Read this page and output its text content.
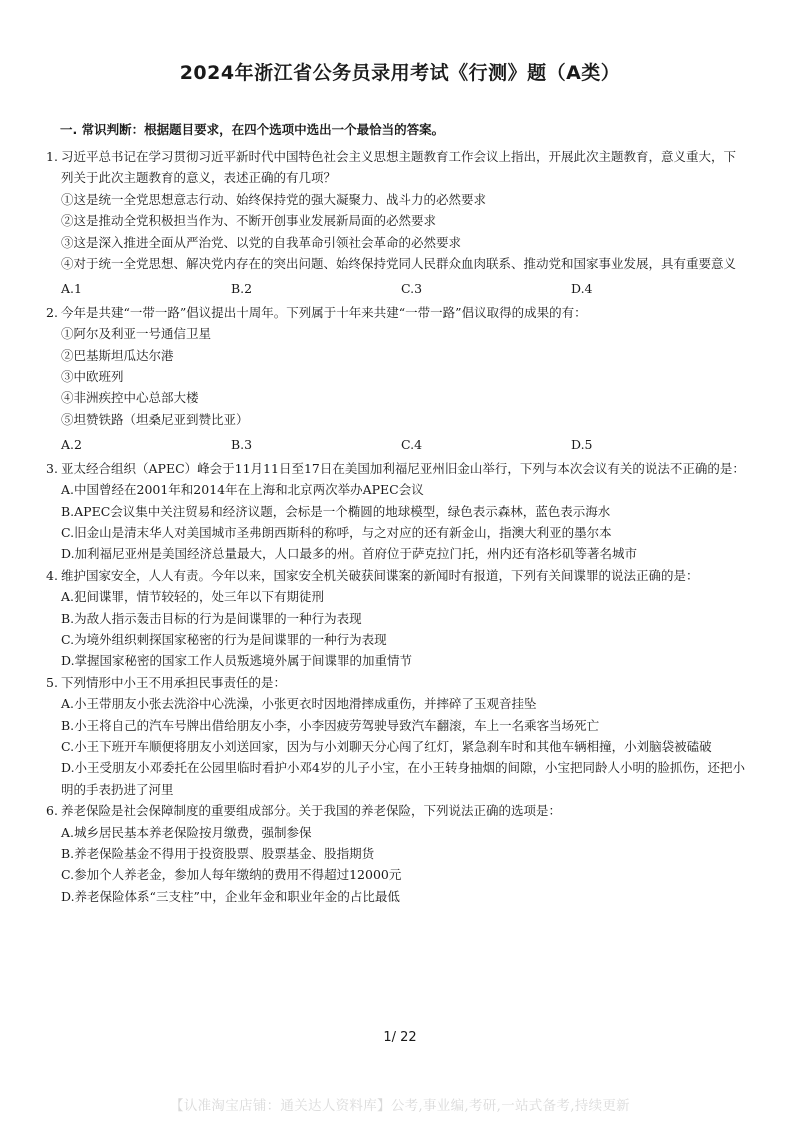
2024年浙江省公务员录用考试《行测》题（A类）
一. 常识判断：根据题目要求，在四个选项中选出一个最恰当的答案。
1. 习近平总书记在学习贯彻习近平新时代中国特色社会主义思想主题教育工作会议上指出，开展此次主题教育，意义重大，下列关于此次主题教育的意义，表述正确的有几项？
①这是统一全党思想意志行动、始终保持党的强大凝聚力、战斗力的必然要求
②这是推动全党积极担当作为、不断开创事业发展新局面的必然要求
③这是深入推进全面从严治党、以党的自我革命引领社会革命的必然要求
④对于统一全党思想、解决党内存在的突出问题、始终保持党同人民群众血肉联系、推动党和国家事业发展，具有重要意义
A.1	B.2	C.3	D.4
2. 今年是共建“一带一路”倡议提出十周年。下列属于十年来共建“一带一路”倡议取得的成果的有：
①阿尔及利亚一号通信卫星
②巴基斯坦瓜达尔港
③中欧班列
④非洲疾控中心总部大楼
⑤坦赞铁路（坦桑尼亚到赞比亚）
A.2	B.3	C.4	D.5
3. 亚太经合组织（APEC）峰会于11月11日至17日在美国加利福尼亚州旧金山举行，下列与本次会议有关的说法不正确的是：
A.中国曾经在2001年和2014年在上海和北京两次举办APEC会议
B.APEC会议集中关注贸易和经济议题，会标是一个椭圆的地球模型，绿色表示森林，蓝色表示海水
C.旧金山是清末华人对美国城市圣弗朗西斯科的称呼，与之对应的还有新金山，指澳大利亚的墨尔本
D.加利福尼亚州是美国经济总量最大，人口最多的州。首府位于萨克拉门托，州内还有洛杉矶等著名城市
4. 维护国家安全，人人有责。今年以来，国家安全机关破获间谍案的新闻时有报道，下列有关间谍罪的说法正确的是：
A.犯间谍罪，情节较轻的，处三年以下有期徒刑
B.为敌人指示轰击目标的行为是间谍罪的一种行为表现
C.为境外组织刺探国家秘密的行为是间谍罪的一种行为表现
D.掌握国家秘密的国家工作人员叛逃境外属于间谍罪的加重情节
5. 下列情形中小王不用承担民事责任的是：
A.小王带朋友小张去洗浴中心洗澡，小张更衣时因地滑摔成重伤，并摔碎了玉观音挂坠
B.小王将自己的汽车号牌出借给朋友小李，小李因疲劳驾驶导致汽车翻滚，车上一名乘客当场死亡
C.小王下班开车顺便将朋友小刘送回家，因为与小刘聊天分心闯了红灯，紧急刹车时和其他车辆相撞，小刘脑袋被磕破
D.小王受朋友小邓委托在公园里临时看护小邓4岁的儿子小宝，在小王转身抽烟的间隙，小宝把同龄人小明的脸抓伤，还把小明的手表扔进了河里
6. 养老保险是社会保障制度的重要组成部分。关于我国的养老保险，下列说法正确的选项是：
A.城乡居民基本养老保险按月缴费，强制参保
B.养老保险基金不得用于投资股票、股票基金、股指期货
C.参加个人养老金，参加人每年缴纳的费用不得超过12000元
D.养老保险体系“三支柱”中，企业年金和职业年金的占比最低
1/ 22
【认准淘宝店铺：通关达人资料库】公考,事业编,考研,一站式备考,持续更新
